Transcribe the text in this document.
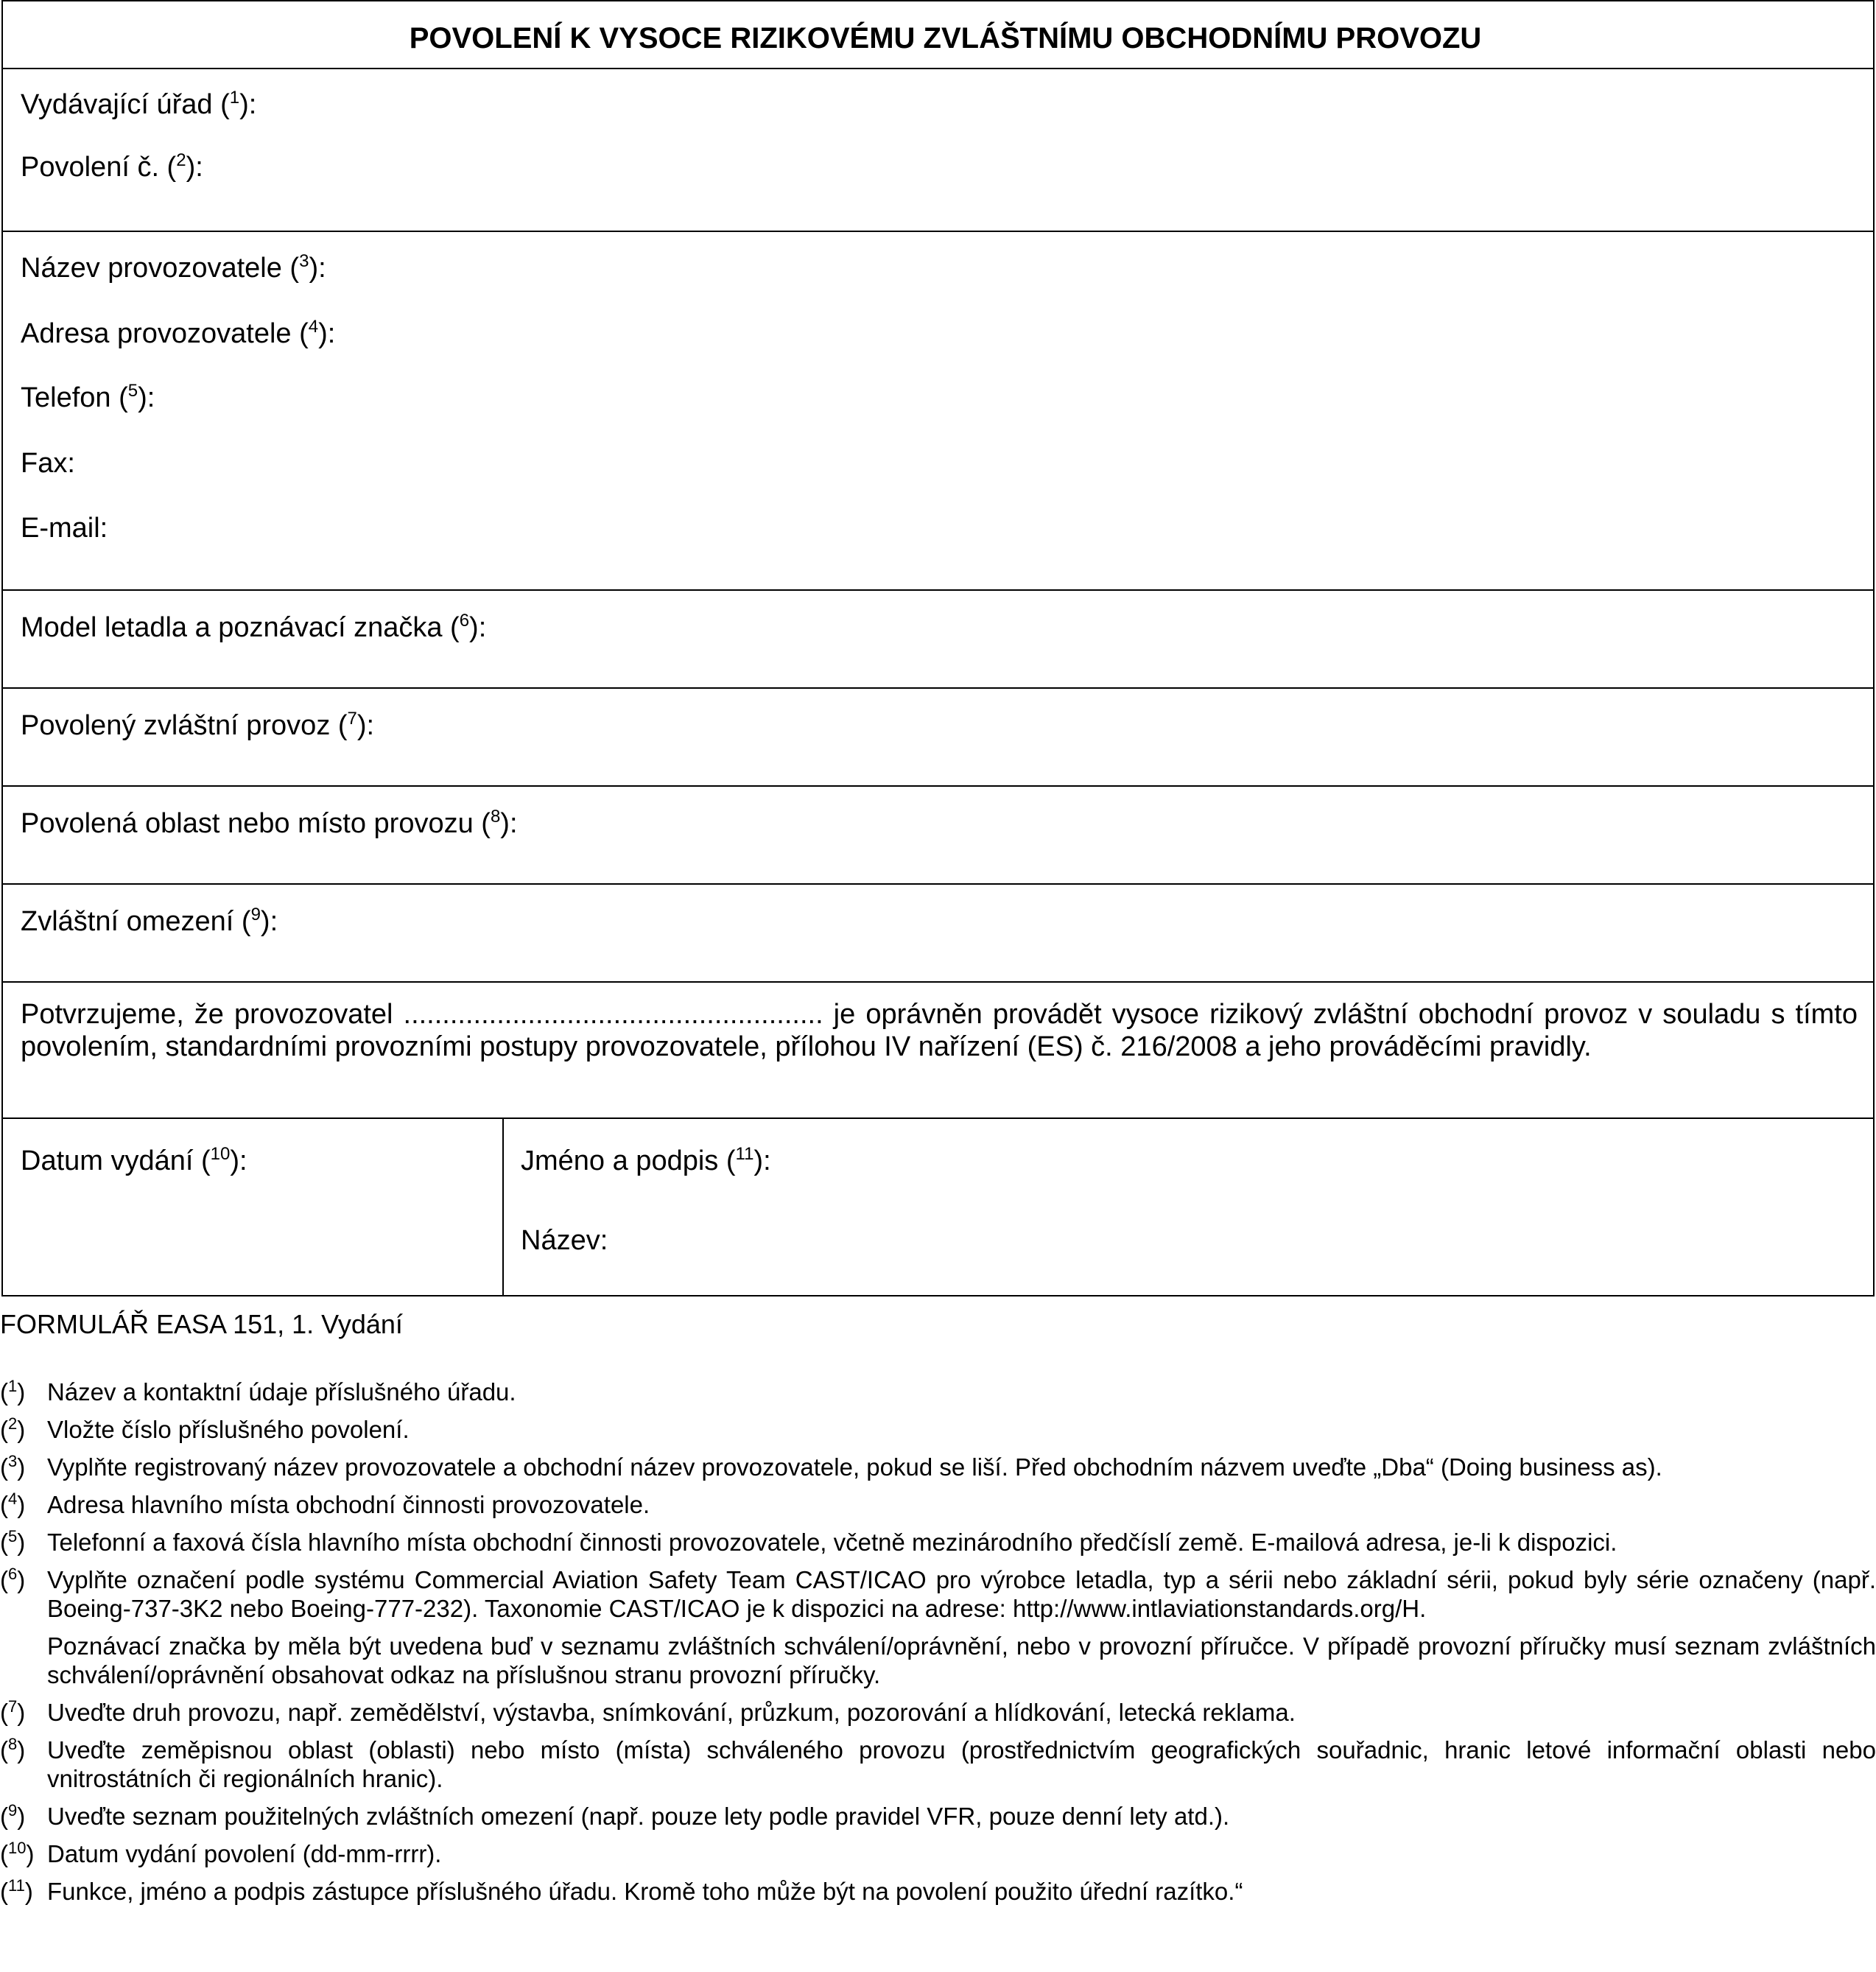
POVOLENÍ K VYSOCE RIZIKOVÉMU ZVLÁŠTNÍMU OBCHODNÍMU PROVOZU
Vydávající úřad ($^1$):
Povolení č. ($^2$):
Název provozovatele ($^3$):
Adresa provozovatele ($^4$):
Telefon ($^5$):
Fax:
E-mail:
Model letadla a poznávací značka ($^6$):
Povolený zvláštní provoz ($^7$):
Povolená oblast nebo místo provozu ($^8$):
Zvláštní omezení ($^9$):
Potvrzujeme, že provozovatel ...................................................... je oprávněn provádět vysoce rizikový zvláštní obchodní provoz v souladu s tímto povolením, standardními provozními postupy provozovatele, přílohou IV nařízení (ES) č. 216/2008 a jeho prováděcími pravidly.
Datum vydání ($^{10}$):	Jméno a podpis ($^{11}$):
Název:
FORMULÁŘ EASA 151, 1. Vydání
($^1$) Název a kontaktní údaje příslušného úřadu.
($^2$) Vložte číslo příslušného povolení.
($^3$) Vyplňte registrovaný název provozovatele a obchodní název provozovatele, pokud se liší. Před obchodním názvem uveďte „Dba“ (Doing business as).
($^4$) Adresa hlavního místa obchodní činnosti provozovatele.
($^5$) Telefonní a faxová čísla hlavního místa obchodní činnosti provozovatele, včetně mezinárodního předčíslí země. E-mailová adresa, je-li k dispozici.
($^6$) Vyplňte označení podle systému Commercial Aviation Safety Team CAST/ICAO pro výrobce letadla, typ a sérii nebo základní sérii, pokud byly série označeny (např. Boeing-737-3K2 nebo Boeing-777-232). Taxonomie CAST/ICAO je k dispozici na adrese: http://www.intlaviationstandards.org/H.
Poznávací značka by měla být uvedena buď v seznamu zvláštních schválení/oprávnění, nebo v provozní příručce. V případě provozní příručky musí seznam zvláštních schválení/oprávnění obsahovat odkaz na příslušnou stranu provozní příručky.
($^7$) Uveďte druh provozu, např. zemědělství, výstavba, snímkování, průzkum, pozorování a hlídkování, letecká reklama.
($^8$) Uveďte zeměpisnou oblast (oblasti) nebo místo (místa) schváleného provozu (prostřednictvím geografických souřadnic, hranic letové informační oblasti nebo vnitrostátních či regionálních hranic).
($^9$) Uveďte seznam použitelných zvláštních omezení (např. pouze lety podle pravidel VFR, pouze denní lety atd.).
($^{10}$) Datum vydání povolení (dd-mm-rrrr).
($^{11}$) Funkce, jméno a podpis zástupce příslušného úřadu. Kromě toho může být na povolení použito úřední razítko.“
